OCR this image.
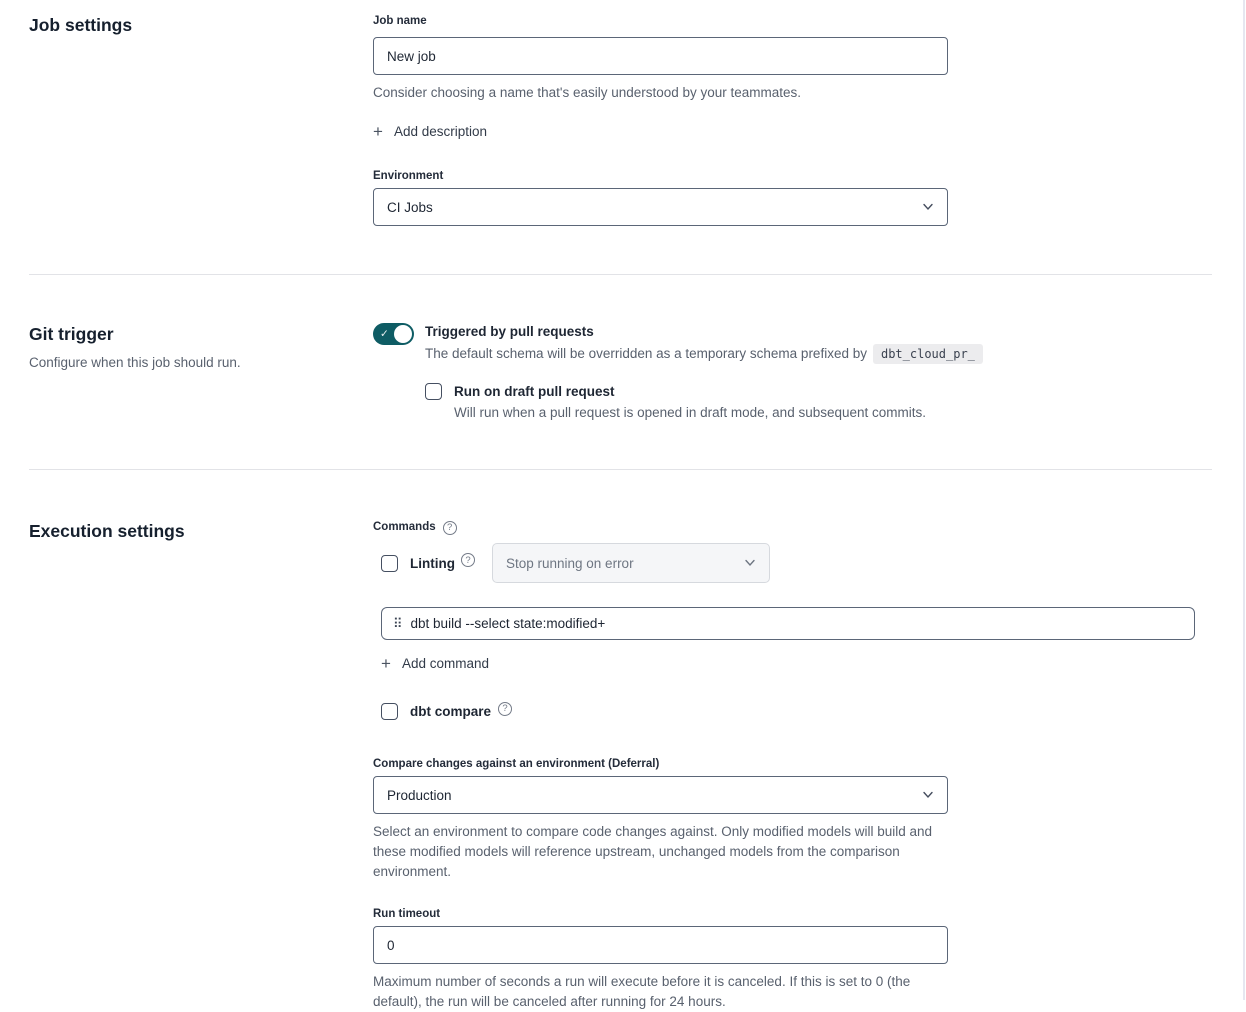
Job settings	Job name
New job
Consider choosing a name that's easily understood by your teammates.
+ Add description
Environment
CI Jobs
Git trigger
Configure when this job should run.
✓	Triggered by pull requests
The default schema will be overridden as a temporary schema prefixed by	dbt_cloud_pr_
Run on draft pull request
Will run when a pull request is opened in draft mode, and subsequent commits.
Execution settings	Commands	?
Linting	?	Stop running on error
⠿
dbt build --select state:modified+
+ Add command
dbt compare	?
Compare changes against an environment (Deferral)
Production
Select an environment to compare code changes against. Only modified models will build and these modified models will reference upstream, unchanged models from the comparison environment.
Run timeout
0
Maximum number of seconds a run will execute before it is canceled. If this is set to 0 (the default), the run will be canceled after running for 24 hours.
